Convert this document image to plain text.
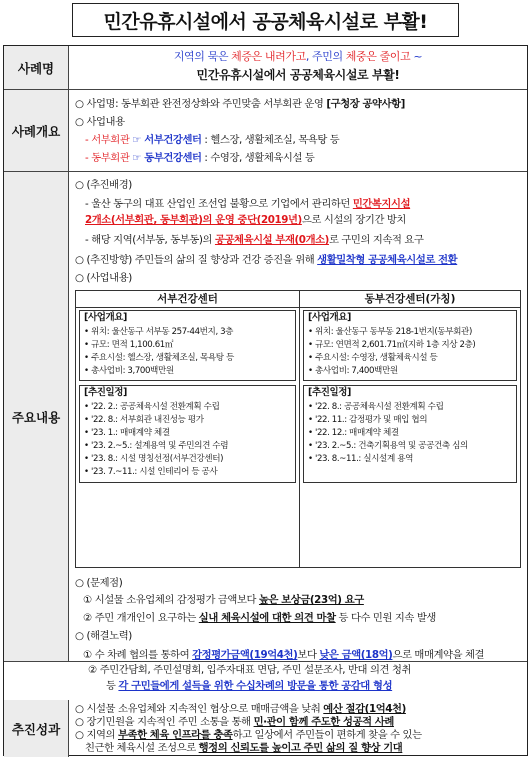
민간유휴시설에서 공공체육시설로 부활!
사례명
지역의 묵은 체증은 내려가고, 주민의 체중은 줄이고 ~
민간유휴시설에서 공공체육시설로 부활!
사례개요
○ 사업명: 동부회관 완전정상화와 주민맞춤 서부회관 운영 [구청장 공약사항]
○ 사업내용
- 서부회관 ☞ 서부건강센터 : 헬스장, 생활체조실, 목욕탕 등
- 동부회관 ☞ 동부건강센터 : 수영장, 생활체육시설 등
주요내용
○ (추진배경)
- 울산 동구의 대표 산업인 조선업 불황으로 기업에서 관리하던 민간복지시설
2개소(서부회관, 동부회관)의 운영 중단(2019년)으로 시설의 장기간 방치
- 해당 지역(서부동, 동부동)의 공공체육시설 부재(0개소)로 구민의 지속적 요구
○ (추진방향) 주민들의 삶의 질 향상과 건강 증진을 위해 생활밀착형 공공체육시설로 전환
○ (사업내용)
서부건강센터	동부건강센터(가칭)
[사업개요]
• 위치: 울산동구 서부동 257-44번지, 3층
• 규모: 면적 1,100.61㎡
• 주요시설: 헬스장, 생활체조실, 목욕탕 등
• 총사업비: 3,700백만원
[사업개요]
• 위치: 울산동구 동부동 218-1번지(동부회관)
• 규모: 연면적 2,601.71㎡(지하 1층 지상 2층)
• 주요시설: 수영장, 생활체육시설 등
• 총사업비: 7,400백만원
[추진일정]
• '22. 2.: 공공체육시설 전환계획 수립
• '22. 8.: 서부회관 내진성능 평가
• '23. 1.: 매매계약 체결
• '23. 2.~5.: 설계용역 및 주민의견 수렴
• '23. 8.: 시설 명칭선정(서부건강센터)
• '23. 7.~11.: 시설 인테리어 등 공사
[추진일정]
• '22. 8.: 공공체육시설 전환계획 수립
• '22. 11.: 감정평가 및 매입 협의
• '22. 12.: 매매계약 체결
• '23. 2.~5.: 건축기획용역 및 공공건축 심의
• '23. 8.~11.: 실시설계 용역
○ (문제점)
① 시설물 소유업체의 감정평가 금액보다 높은 보상금(23억) 요구
② 주민 개개인이 요구하는 실내 체육시설에 대한 의견 마찰 등 다수 민원 지속 발생
○ (해결노력)
① 수 차례 협의를 통하여 감정평가금액(19억4천)보다 낮은 금액(18억)으로 매매계약을 체결
② 주민간담회, 주민설명회, 입주자대표 면담, 주민 설문조사, 반대 의견 청취
등 각 구민들에게 설득을 위한 수십차례의 방문을 통한 공감대 형성
추진성과
○ 시설물 소유업체와 지속적인 협상으로 매매금액을 낮춰 예산 절감(1억4천)
○ 장기민원을 지속적인 주민 소통을 통해 민·관이 함께 주도한 성공적 사례
○ 지역의 부족한 체육 인프라를 충족하고 일상에서 주민들이 편하게 찾을 수 있는
친근한 체육시설 조성으로 행정의 신뢰도를 높이고 주민 삶의 질 향상 기대
